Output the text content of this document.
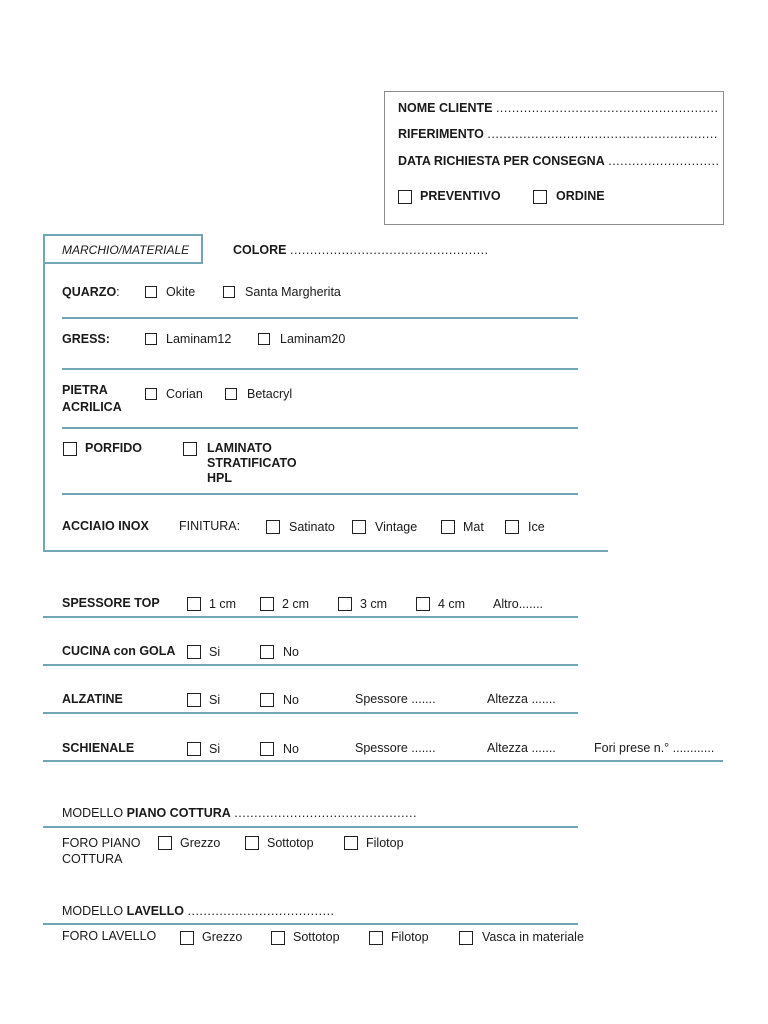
NOME CLIENTE ........................................................
RIFERIMENTO ..........................................................
DATA RICHIESTA PER CONSEGNA ............................
PREVENTIVO	ORDINE
MARCHIO/MATERIALE	COLORE ..................................................
QUARZO:	Okite	Santa Margherita
GRESS:	Laminam12	Laminam20
PIETRA
ACRILICA
Corian	Betacryl
PORFIDO	LAMINATO
STRATIFICATO
HPL
ACCIAIO INOX FINITURA:	Satinato	Vintage	Mat	Ice
SPESSORE TOP	1 cm	2 cm	3 cm	4 cm Altro.......
CUCINA con GOLA	Si	No
ALZATINE	Si	No	Spessore .......	Altezza .......
SCHIENALE	Si	No	Spessore .......	Altezza .......	Fori prese n.° ............
MODELLO PIANO COTTURA ..............................................
FORO PIANO
COTTURA
Grezzo	Sottotop	Filotop
MODELLO LAVELLO .....................................
FORO LAVELLO	Grezzo	Sottotop	Filotop	Vasca in materiale
